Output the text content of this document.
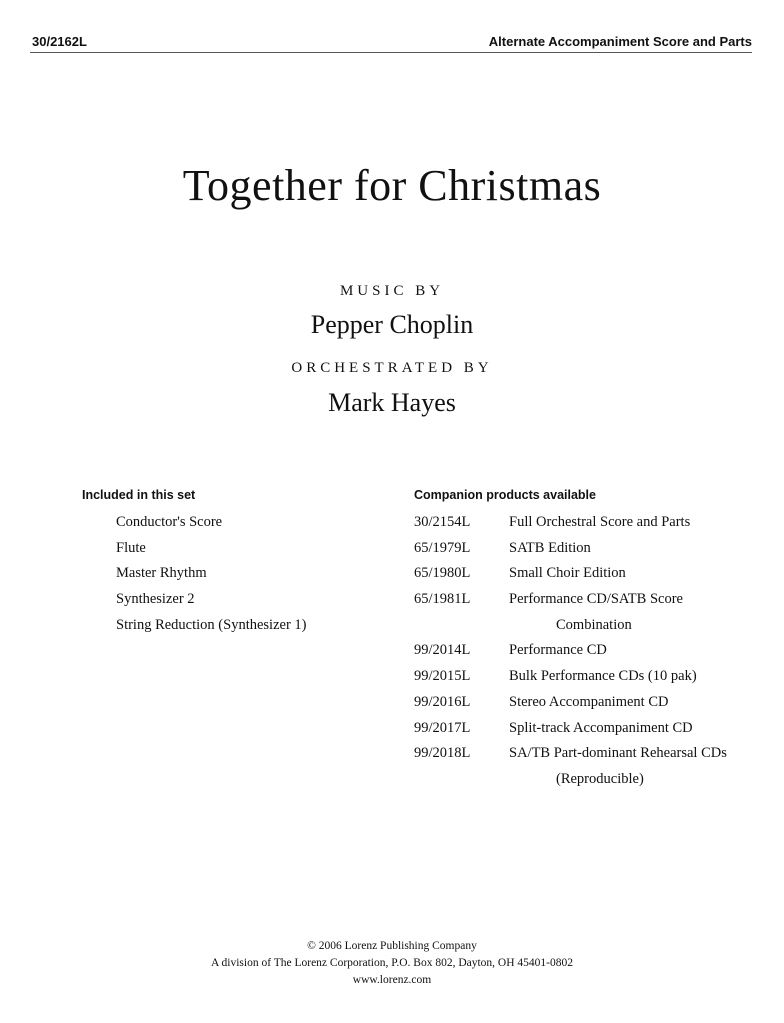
30/2162L	Alternate Accompaniment Score and Parts
Together for Christmas
MUSIC BY
Pepper Choplin
ORCHESTRATED BY
Mark Hayes
Included in this set
Conductor's Score
Flute
Master Rhythm
Synthesizer 2
String Reduction (Synthesizer 1)
Companion products available
30/2154L	Full Orchestral Score and Parts
65/1979L	SATB Edition
65/1980L	Small Choir Edition
65/1981L	Performance CD/SATB Score
Combination
99/2014L	Performance CD
99/2015L	Bulk Performance CDs (10 pak)
99/2016L	Stereo Accompaniment CD
99/2017L	Split-track Accompaniment CD
99/2018L	SA/TB Part-dominant Rehearsal CDs
(Reproducible)
© 2006 Lorenz Publishing Company
A division of The Lorenz Corporation, P.O. Box 802, Dayton, OH 45401-0802
www.lorenz.com
